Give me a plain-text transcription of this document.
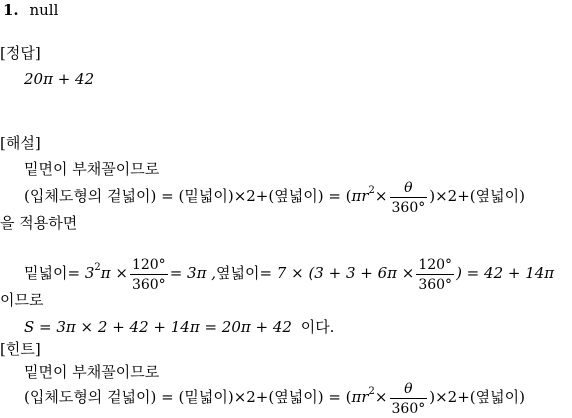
1. null
[정답]
20π + 42
[해설]
밑면이 부채꼴이므로
(입체도형의 겉넓이) = (밑넓이)×2+(옆넓이) = $(\pi r^2\times \frac{\theta}{360^\circ} )\times 2+$(옆넓이)
을 적용하면
밑넓이= $3^2\pi \times \frac{120^\circ}{360^\circ} = 3\pi$ ,옆넓이= $7 \times (3 + 3 + 6\pi \times \frac{120^\circ}{360^\circ}$ ) = 42 + 14π
이므로
S = 3π × 2 + 42 + 14π = 20π + 42 이다.
[힌트]
밑면이 부채꼴이므로
(입체도형의 겉넓이) = (밑넓이)×2+(옆넓이) = $(\pi r^2\times \frac{\theta}{360^\circ} )\times 2+$(옆넓이)
